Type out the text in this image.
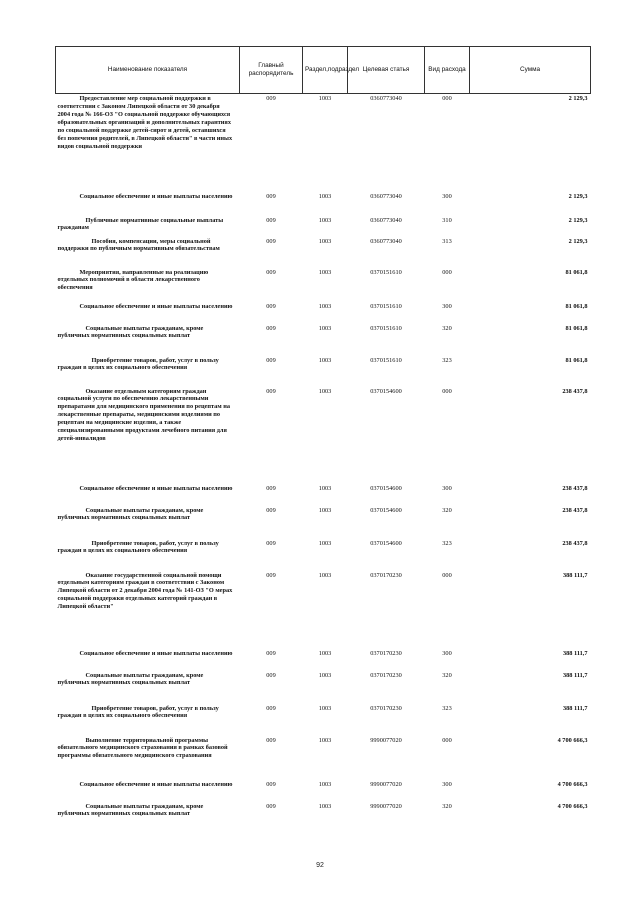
Наименование показателя	Главный распорядитель	Раздел,подраздел	Целевая статья	Вид расхода	Сумма
Предоставление мер социальной поддержки в соответствии с Законом Липецкой области от 30 декабря 2004 года № 166-ОЗ "О социальной поддержке обучающихся образовательных организаций и дополнительных гарантиях по социальной поддержке детей-сирот и детей, оставшихся без попечения родителей, в Липецкой области" в части иных видов социальной поддержки	009	1003	0360773040	000	2 129,3
Социальное обеспечение и иные выплаты населению	009	1003	0360773040	300	2 129,3
Публичные нормативные социальные выплаты гражданам	009	1003	0360773040	310	2 129,3
Пособия, компенсации, меры социальной поддержки по публичным нормативным обязательствам	009	1003	0360773040	313	2 129,3
Мероприятия, направленные на реализацию отдельных полномочий в области лекарственного обеспечения	009	1003	0370151610	000	81 061,8
Социальное обеспечение и иные выплаты населению	009	1003	0370151610	300	81 061,8
Социальные выплаты гражданам, кроме публичных нормативных социальных выплат	009	1003	0370151610	320	81 061,8
Приобретение товаров, работ, услуг в пользу граждан в целях их социального обеспечения	009	1003	0370151610	323	81 061,8
Оказание отдельным категориям граждан социальной услуги по обеспечению лекарственными препаратами для медицинского применения по рецептам на лекарственные препараты, медицинскими изделиями по рецептам на медицинские изделия, а также специализированными продуктами лечебного питания для детей-инвалидов	009	1003	0370154600	000	238 437,8
Социальное обеспечение и иные выплаты населению	009	1003	0370154600	300	238 437,8
Социальные выплаты гражданам, кроме публичных нормативных социальных выплат	009	1003	0370154600	320	238 437,8
Приобретение товаров, работ, услуг в пользу граждан в целях их социального обеспечения	009	1003	0370154600	323	238 437,8
Оказание государственной социальной помощи отдельным категориям граждан в соответствии с Законом Липецкой области от 2 декабря 2004 года № 141-ОЗ "О мерах социальной поддержки отдельных категорий граждан в Липецкой области"	009	1003	0370170230	000	388 111,7
Социальное обеспечение и иные выплаты населению	009	1003	0370170230	300	388 111,7
Социальные выплаты гражданам, кроме публичных нормативных социальных выплат	009	1003	0370170230	320	388 111,7
Приобретение товаров, работ, услуг в пользу граждан в целях их социального обеспечения	009	1003	0370170230	323	388 111,7
Выполнение территориальной программы обязательного медицинского страхования в рамках базовой программы обязательного медицинского страхования	009	1003	9990077020	000	4 700 666,3
Социальное обеспечение и иные выплаты населению	009	1003	9990077020	300	4 700 666,3
Социальные выплаты гражданам, кроме публичных нормативных социальных выплат	009	1003	9990077020	320	4 700 666,3
92
